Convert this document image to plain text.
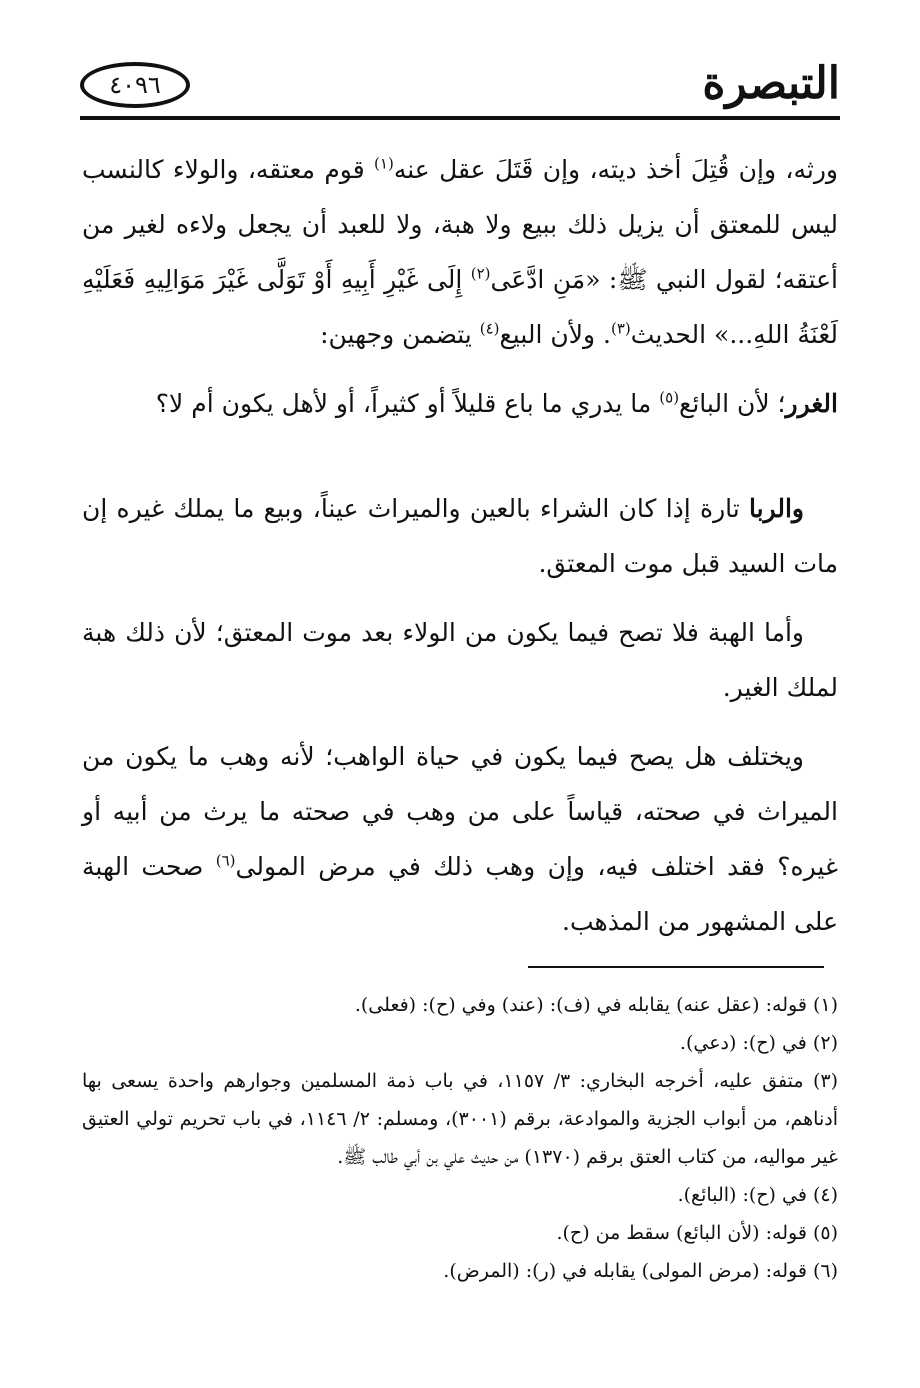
التبصرة
٤٠٩٦

ورثه، وإن قُتِلَ أخذ ديته، وإن قَتَلَ عقل عنه$^{(١)}$ قوم معتقه، والولاء كالنسب ليس للمعتق أن يزيل ذلك ببيع ولا هبة، ولا للعبد أن يجعل ولاءه لغير من أعتقه؛ لقول النبي ﷺ: «مَنِ ادَّعَى$^{(٢)}$ إِلَى غَيْرِ أَبِيهِ أَوْ تَوَلَّى غَيْرَ مَوَالِيهِ فَعَلَيْهِ لَعْنَةُ اللهِ...» الحديث$^{(٣)}$. ولأن البيع$^{(٤)}$ يتضمن وجهين:

الغرر؛ لأن البائع$^{(٥)}$ ما يدري ما باع قليلاً أو كثيراً، أو لأهل يكون أم لا؟

والربا تارة إذا كان الشراء بالعين والميراث عيناً، وبيع ما يملك غيره إن مات السيد قبل موت المعتق.

وأما الهبة فلا تصح فيما يكون من الولاء بعد موت المعتق؛ لأن ذلك هبة لملك الغير.

ويختلف هل يصح فيما يكون في حياة الواهب؛ لأنه وهب ما يكون من الميراث في صحته، قياساً على من وهب في صحته ما يرث من أبيه أو غيره؟ فقد اختلف فيه، وإن وهب ذلك في مرض المولى$^{(٦)}$ صحت الهبة على المشهور من المذهب.

(١) قوله: (عقل عنه) يقابله في (ف): (عند) وفي (ح): (فعلى).

(٢) في (ح): (دعي).

(٣) متفق عليه، أخرجه البخاري: ٣/ ١١٥٧، في باب ذمة المسلمين وجوارهم واحدة يسعى بها أدناهم، من أبواب الجزية والموادعة، برقم (٣٠٠١)، ومسلم: ٢/ ١١٤٦، في باب تحريم تولي العتيق غير مواليه، من كتاب العتق برقم (١٣٧٠) من حديث علي بن أبي طالب ﷺ.

(٤) في (ح): (البائع).

(٥) قوله: (لأن البائع) سقط من (ح).

(٦) قوله: (مرض المولى) يقابله في (ر): (المرض).
